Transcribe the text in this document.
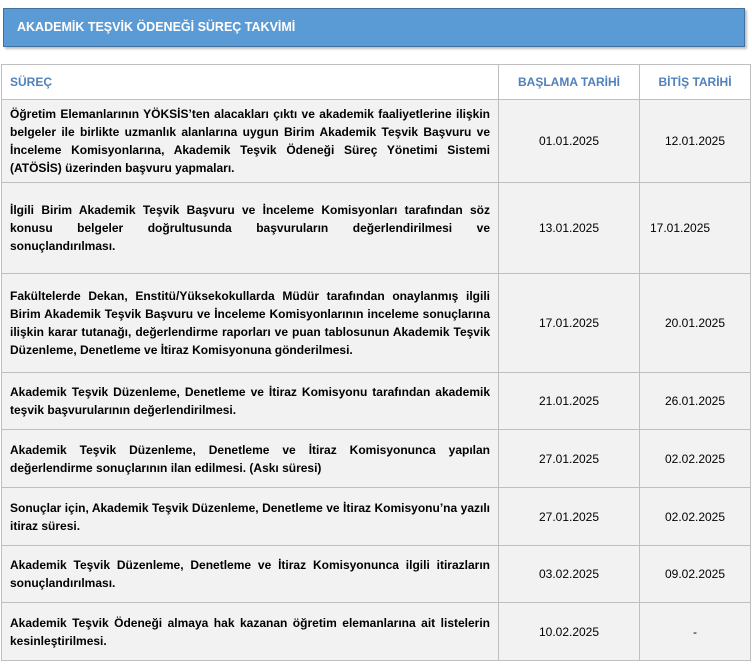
AKADEMİK TEŞVİK ÖDENEĞİ SÜREÇ TAKVİMİ
SÜREÇ	BAŞLAMA TARİHİ	BİTİŞ TARİHİ
Öğretim Elemanlarının YÖKSİS’ten alacakları çıktı ve akademik faaliyetlerine ilişkin belgeler ile birlikte uzmanlık alanlarına uygun Birim Akademik Teşvik Başvuru ve İnceleme Komisyonlarına, Akademik Teşvik Ödeneği Süreç Yönetimi Sistemi (ATÖSİS) üzerinden başvuru yapmaları.	01.01.2025	12.01.2025
İlgili Birim Akademik Teşvik Başvuru ve İnceleme Komisyonları tarafından söz konusu belgeler doğrultusunda başvuruların değerlendirilmesi ve sonuçlandırılması.	13.01.2025	17.01.2025
Fakültelerde Dekan, Enstitü/Yüksekokullarda Müdür tarafından onaylanmış ilgili Birim Akademik Teşvik Başvuru ve İnceleme Komisyonlarının inceleme sonuçlarına ilişkin karar tutanağı, değerlendirme raporları ve puan tablosunun Akademik Teşvik Düzenleme, Denetleme ve İtiraz Komisyonuna gönderilmesi.	17.01.2025	20.01.2025
Akademik Teşvik Düzenleme, Denetleme ve İtiraz Komisyonu tarafından akademik teşvik başvurularının değerlendirilmesi.	21.01.2025	26.01.2025
Akademik Teşvik Düzenleme, Denetleme ve İtiraz Komisyonunca yapılan değerlendirme sonuçlarının ilan edilmesi. (Askı süresi)	27.01.2025	02.02.2025
Sonuçlar için, Akademik Teşvik Düzenleme, Denetleme ve İtiraz Komisyonu’na yazılı itiraz süresi.	27.01.2025	02.02.2025
Akademik Teşvik Düzenleme, Denetleme ve İtiraz Komisyonunca ilgili itirazların sonuçlandırılması.	03.02.2025	09.02.2025
Akademik Teşvik Ödeneği almaya hak kazanan öğretim elemanlarına ait listelerin kesinleştirilmesi.	10.02.2025	-
